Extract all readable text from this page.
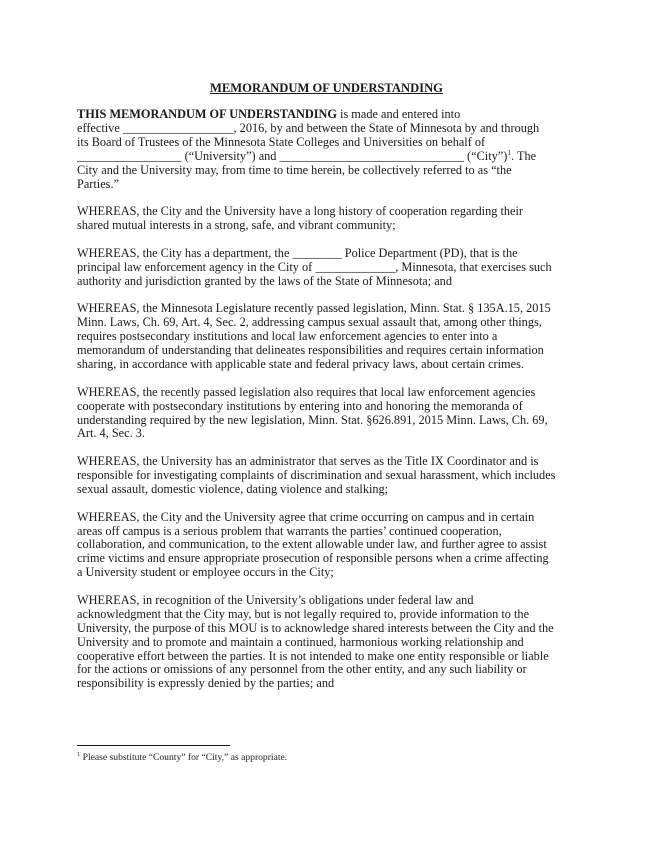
MEMORANDUM OF UNDERSTANDING
THIS MEMORANDUM OF UNDERSTANDING is made and entered into
effective __________________, 2016, by and between the State of Minnesota by and through
its Board of Trustees of the Minnesota State Colleges and Universities on behalf of
_________________ (“University”) and ______________________________ (“City”)$^1$. The
City and the University may, from time to time herein, be collectively referred to as “the
Parties.”
WHEREAS, the City and the University have a long history of cooperation regarding their
shared mutual interests in a strong, safe, and vibrant community;
WHEREAS, the City has a department, the ________ Police Department (PD), that is the
principal law enforcement agency in the City of _____________, Minnesota, that exercises such
authority and jurisdiction granted by the laws of the State of Minnesota; and
WHEREAS, the Minnesota Legislature recently passed legislation, Minn. Stat. § 135A.15, 2015
Minn. Laws, Ch. 69, Art. 4, Sec. 2, addressing campus sexual assault that, among other things,
requires postsecondary institutions and local law enforcement agencies to enter into a
memorandum of understanding that delineates responsibilities and requires certain information
sharing, in accordance with applicable state and federal privacy laws, about certain crimes.
WHEREAS, the recently passed legislation also requires that local law enforcement agencies
cooperate with postsecondary institutions by entering into and honoring the memoranda of
understanding required by the new legislation, Minn. Stat. §626.891, 2015 Minn. Laws, Ch. 69,
Art. 4, Sec. 3.
WHEREAS, the University has an administrator that serves as the Title IX Coordinator and is
responsible for investigating complaints of discrimination and sexual harassment, which includes
sexual assault, domestic violence, dating violence and stalking;
WHEREAS, the City and the University agree that crime occurring on campus and in certain
areas off campus is a serious problem that warrants the parties’ continued cooperation,
collaboration, and communication, to the extent allowable under law, and further agree to assist
crime victims and ensure appropriate prosecution of responsible persons when a crime affecting
a University student or employee occurs in the City;
WHEREAS, in recognition of the University’s obligations under federal law and
acknowledgment that the City may, but is not legally required to, provide information to the
University, the purpose of this MOU is to acknowledge shared interests between the City and the
University and to promote and maintain a continued, harmonious working relationship and
cooperative effort between the parties. It is not intended to make one entity responsible or liable
for the actions or omissions of any personnel from the other entity, and any such liability or
responsibility is expressly denied by the parties; and
$^1$ Please substitute “County” for “City,” as appropriate.
